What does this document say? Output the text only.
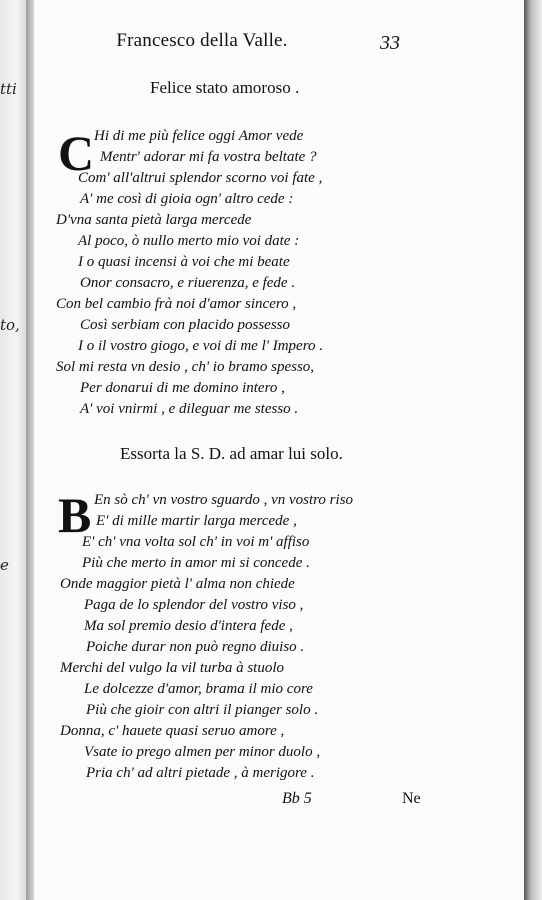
tti
to,
e
Francesco della Valle.	33
Felice stato amoroso .
C Hi di me più felice oggi Amor vede
Mentr' adorar mi fa vostra beltate ?
Com' all'altrui splendor scorno voi fate ,
A' me così di gioia ogn' altro cede :
D'vna santa pietà larga mercede
Al poco, ò nullo merto mio voi date :
I o quasi incensi à voi che mi beate
Onor consacro, e riuerenza, e fede .
Con bel cambio frà noi d'amor sincero ,
Così serbiam con placido possesso
I o il vostro giogo, e voi di me l' Impero .
Sol mi resta vn desio , ch' io bramo spesso,
Per donarui di me domino intero ,
A' voi vnirmi , e dileguar me stesso .
Essorta la S. D. ad amar lui solo.
B En sò ch' vn vostro sguardo , vn vostro riso
E' di mille martir larga mercede ,
E' ch' vna volta sol ch' in voi m' affiso
Più che merto in amor mi si concede .
Onde maggior pietà l' alma non chiede
Paga de lo splendor del vostro viso ,
Ma sol premio desio d'intera fede ,
Poiche durar non può regno diuiso .
Merchi del vulgo la vil turba à stuolo
Le dolcezze d'amor, brama il mio core
Più che gioir con altri il pianger solo .
Donna, c' hauete quasi seruo amore ,
Vsate io prego almen per minor duolo ,
Pria ch' ad altri pietade , à merigore .
Bb 5	Ne
